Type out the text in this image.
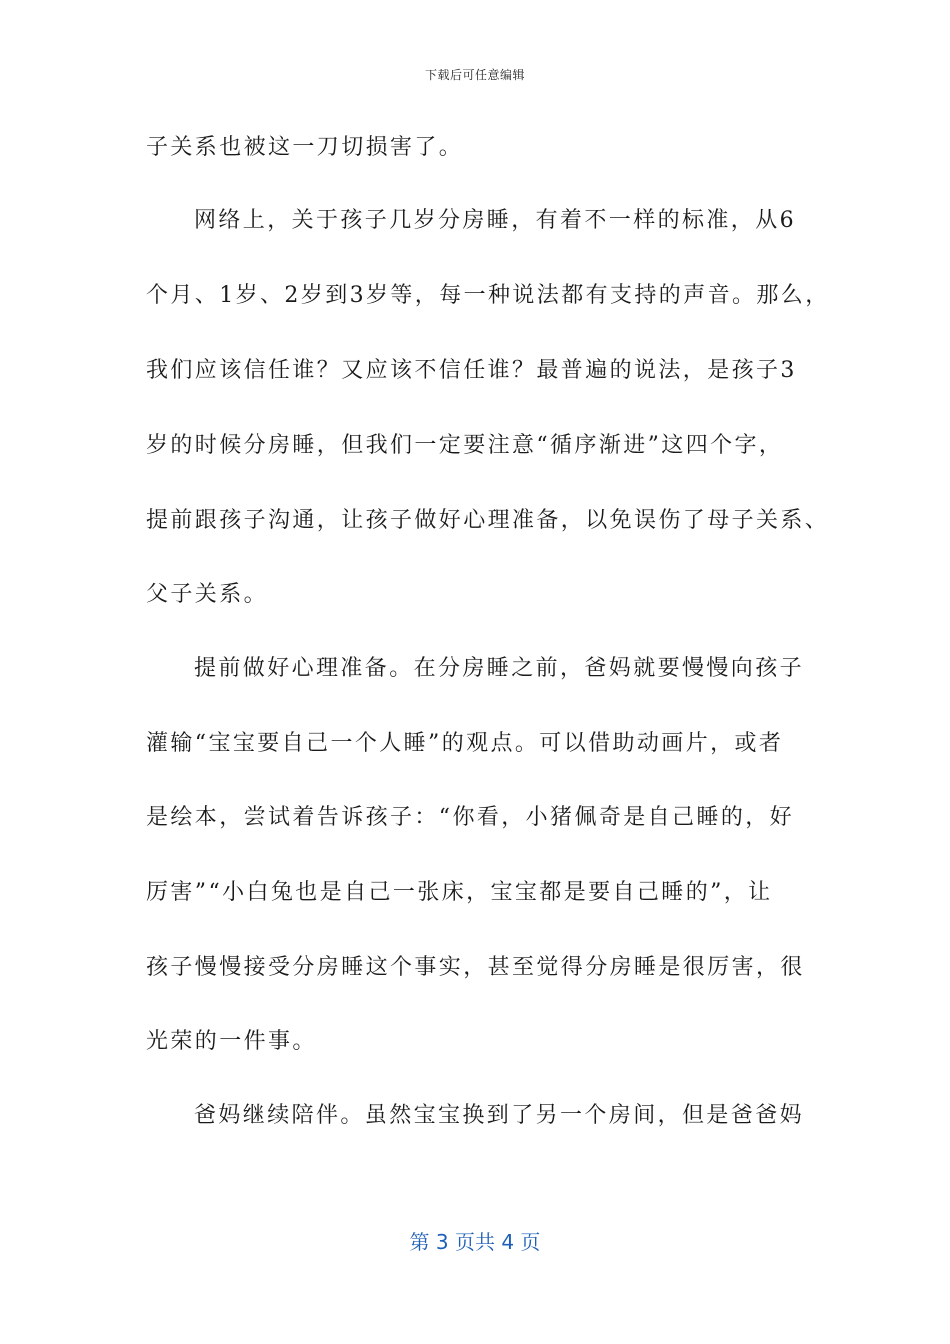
下载后可任意编辑
子关系也被这一刀切损害了。
网络上，关于孩子几岁分房睡，有着不一样的标准，从6
个月、1岁、2岁到3岁等，每一种说法都有支持的声音。那么，
我们应该信任谁？又应该不信任谁？最普遍的说法，是孩子3
岁的时候分房睡，但我们一定要注意“循序渐进”这四个字，
提前跟孩子沟通，让孩子做好心理准备，以免误伤了母子关系、
父子关系。
提前做好心理准备。在分房睡之前，爸妈就要慢慢向孩子
灌输“宝宝要自己一个人睡”的观点。可以借助动画片，或者
是绘本，尝试着告诉孩子：“你看，小猪佩奇是自己睡的，好
厉害”“小白兔也是自己一张床，宝宝都是要自己睡的”，让
孩子慢慢接受分房睡这个事实，甚至觉得分房睡是很厉害，很
光荣的一件事。
爸妈继续陪伴。虽然宝宝换到了另一个房间，但是爸爸妈
第 3 页共 4 页
